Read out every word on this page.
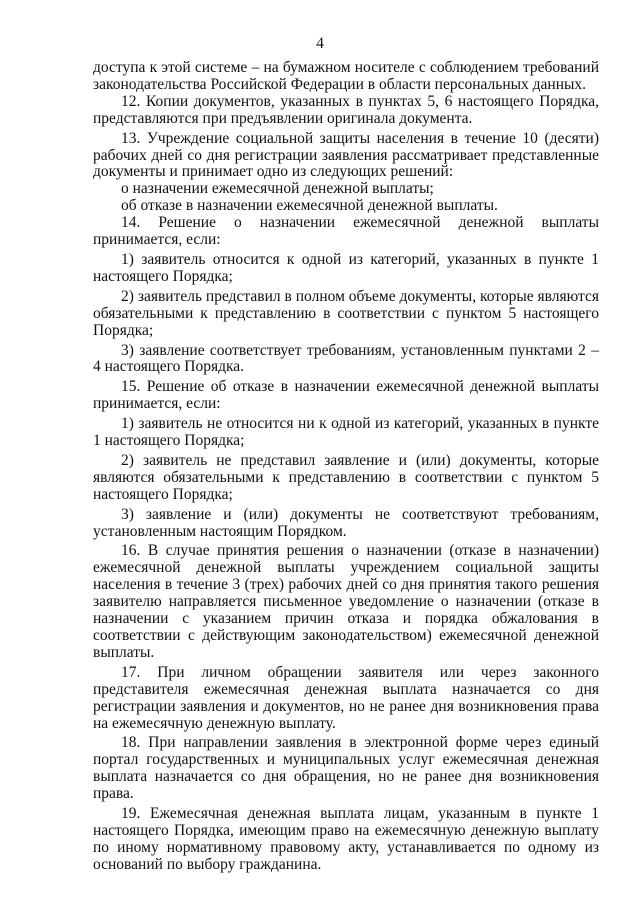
4

доступа к этой системе – на бумажном носителе с соблюдением требований законодательства Российской Федерации в области персональных данных.

12. Копии документов, указанных в пунктах 5, 6 настоящего Порядка, представляются при предъявлении оригинала документа.

13. Учреждение социальной защиты населения в течение 10 (десяти) рабочих дней со дня регистрации заявления рассматривает представленные документы и принимает одно из следующих решений:

о назначении ежемесячной денежной выплаты;

об отказе в назначении ежемесячной денежной выплаты.

14. Решение о назначении ежемесячной денежной выплаты принимается, если:

1) заявитель относится к одной из категорий, указанных в пункте 1 настоящего Порядка;

2) заявитель представил в полном объеме документы, которые являются обязательными к представлению в соответствии с пунктом 5 настоящего Порядка;

3) заявление соответствует требованиям, установленным пунктами 2 – 4 настоящего Порядка.

15. Решение об отказе в назначении ежемесячной денежной выплаты принимается, если:

1) заявитель не относится ни к одной из категорий, указанных в пункте 1 настоящего Порядка;

2) заявитель не представил заявление и (или) документы, которые являются обязательными к представлению в соответствии с пунктом 5 настоящего Порядка;

3) заявление и (или) документы не соответствуют требованиям, установленным настоящим Порядком.

16. В случае принятия решения о назначении (отказе в назначении) ежемесячной денежной выплаты учреждением социальной защиты населения в течение 3 (трех) рабочих дней со дня принятия такого решения заявителю направляется письменное уведомление о назначении (отказе в назначении с указанием причин отказа и порядка обжалования в соответствии с действующим законодательством) ежемесячной денежной выплаты.

17. При личном обращении заявителя или через законного представителя ежемесячная денежная выплата назначается со дня регистрации заявления и документов, но не ранее дня возникновения права на ежемесячную денежную выплату.

18. При направлении заявления в электронной форме через единый портал государственных и муниципальных услуг ежемесячная денежная выплата назначается со дня обращения, но не ранее дня возникновения права.

19. Ежемесячная денежная выплата лицам, указанным в пункте 1 настоящего Порядка, имеющим право на ежемесячную денежную выплату по иному нормативному правовому акту, устанавливается по одному из оснований по выбору гражданина.
